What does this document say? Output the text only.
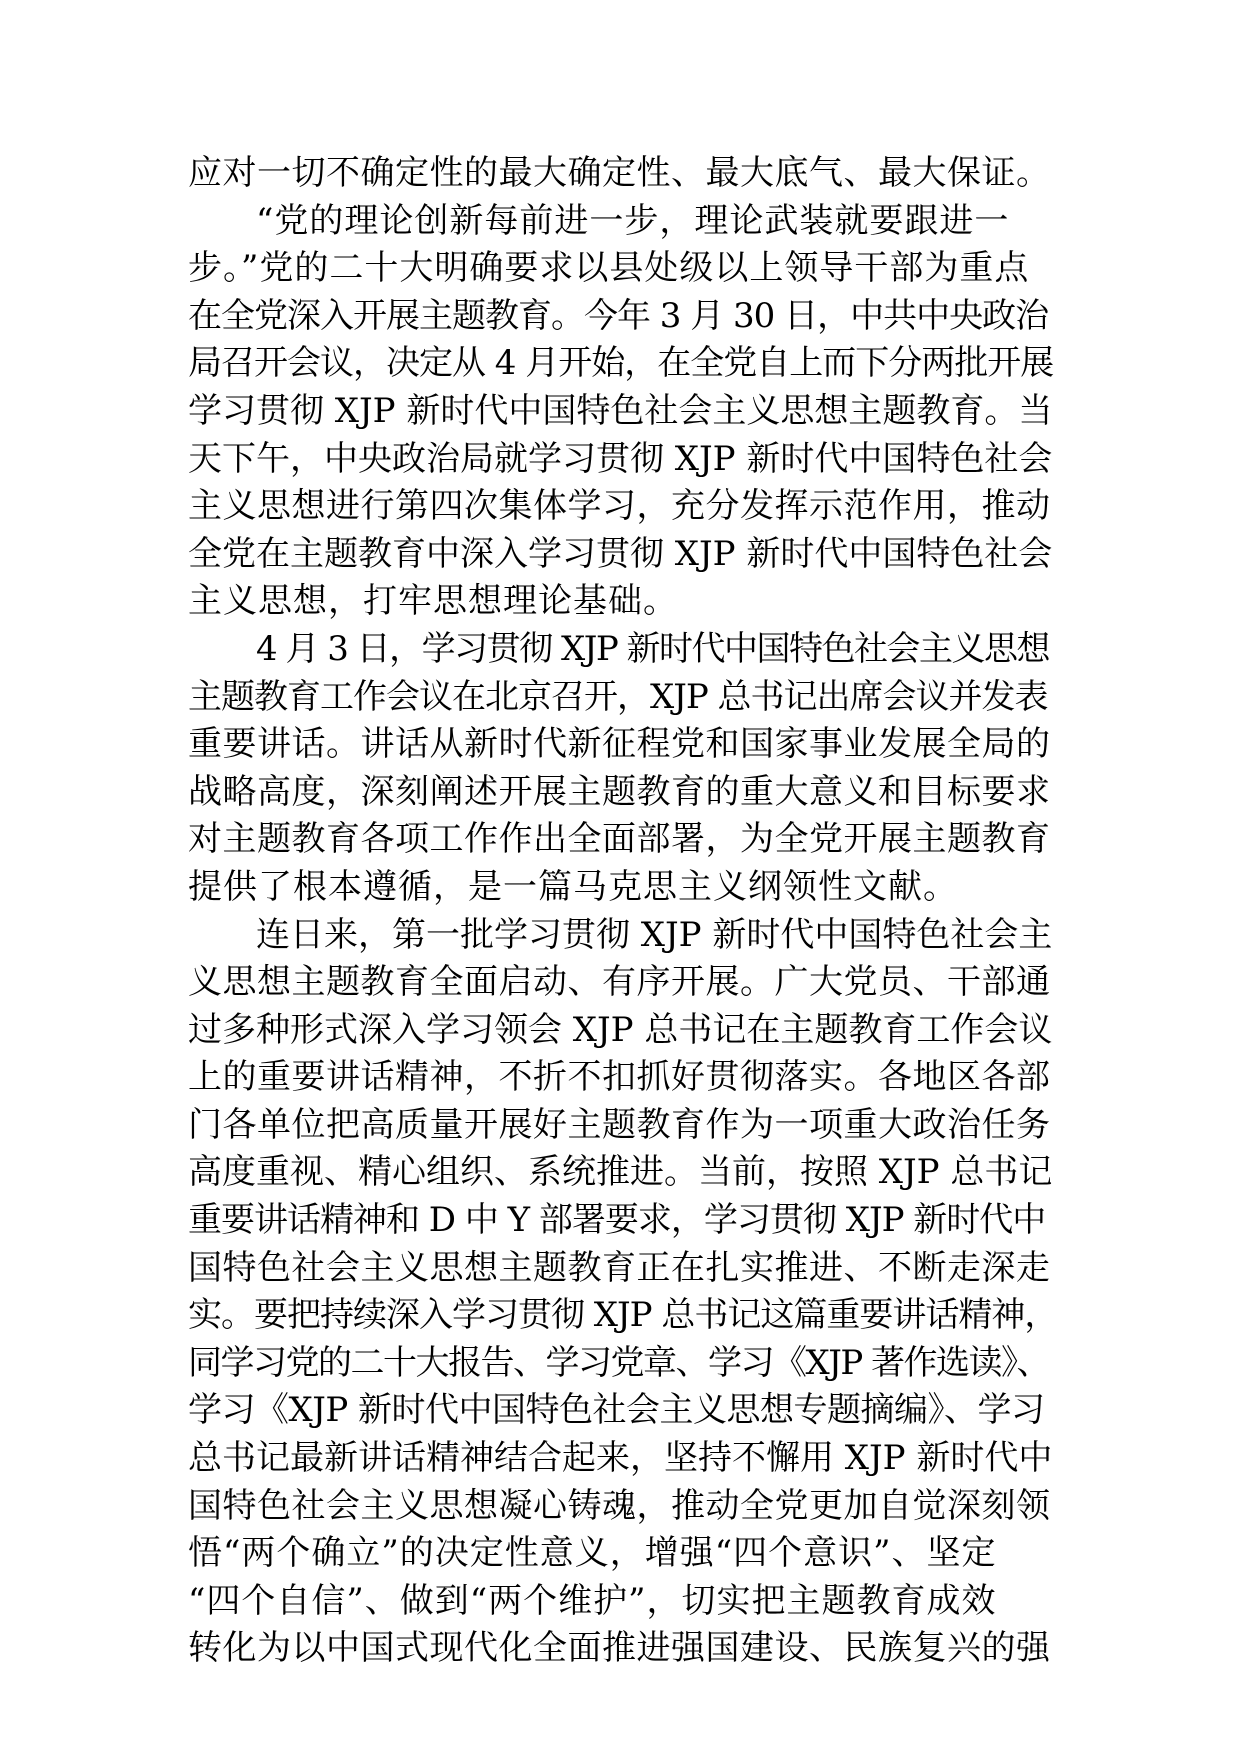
应对一切不确定性的最大确定性、最大底气、最大保证。
“党的理论创新每前进一步，理论武装就要跟进一
步。”党的二十大明确要求以县处级以上领导干部为重点
在全党深入开展主题教育。今年 3 月 30 日，中共中央政治
局召开会议，决定从 4 月开始，在全党自上而下分两批开展
学习贯彻 XJP 新时代中国特色社会主义思想主题教育。当
天下午，中央政治局就学习贯彻 XJP 新时代中国特色社会
主义思想进行第四次集体学习，充分发挥示范作用，推动
全党在主题教育中深入学习贯彻 XJP 新时代中国特色社会
主义思想，打牢思想理论基础。
4 月 3 日，学习贯彻 XJP 新时代中国特色社会主义思想
主题教育工作会议在北京召开，XJP 总书记出席会议并发表
重要讲话。讲话从新时代新征程党和国家事业发展全局的
战略高度，深刻阐述开展主题教育的重大意义和目标要求
对主题教育各项工作作出全面部署，为全党开展主题教育
提供了根本遵循，是一篇马克思主义纲领性文献。
连日来，第一批学习贯彻 XJP 新时代中国特色社会主
义思想主题教育全面启动、有序开展。广大党员、干部通
过多种形式深入学习领会 XJP 总书记在主题教育工作会议
上的重要讲话精神，不折不扣抓好贯彻落实。各地区各部
门各单位把高质量开展好主题教育作为一项重大政治任务
高度重视、精心组织、系统推进。当前，按照 XJP 总书记
重要讲话精神和 D 中 Y 部署要求，学习贯彻 XJP 新时代中
国特色社会主义思想主题教育正在扎实推进、不断走深走
实。要把持续深入学习贯彻 XJP 总书记这篇重要讲话精神，
同学习党的二十大报告、学习党章、学习《XJP 著作选读》、
学习《XJP 新时代中国特色社会主义思想专题摘编》、学习
总书记最新讲话精神结合起来，坚持不懈用 XJP 新时代中
国特色社会主义思想凝心铸魂，推动全党更加自觉深刻领
悟“两个确立”的决定性意义，增强“四个意识”、坚定
“四个自信”、做到“两个维护”，切实把主题教育成效
转化为以中国式现代化全面推进强国建设、民族复兴的强
